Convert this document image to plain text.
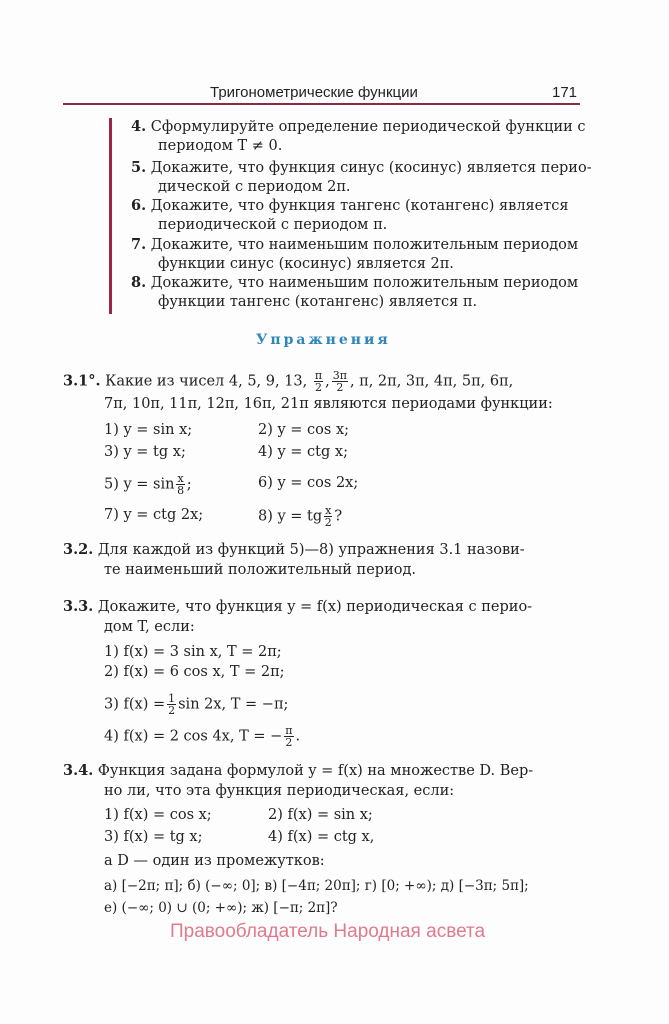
Тригонометрические функции	171
4. Сформулируйте определение периодической функции с
периодом T ≠ 0.
5. Докажите, что функция синус (косинус) является перио-
дической с периодом 2π.
6. Докажите, что функция тангенс (котангенс) является
периодической с периодом π.
7. Докажите, что наименьшим положительным периодом
функции синус (косинус) является 2π.
8. Докажите, что наименьшим положительным периодом
функции тангенс (котангенс) является π.
Упражнения
3.1°. Какие из чисел 4, 5, 9, 13, $\frac{\pi}{2}$ , $\frac{3\pi}{2}$ , π, 2π, 3π, 4π, 5π, 6π,
7π, 10π, 11π, 12π, 16π, 21π являются периодами функции:
1) y = sin x;	2) y = cos x;
3) y = tg x;	4) y = ctg x;
5) $y = \sin \frac{x}{8}$ ;	6) y = cos 2x;
7) y = ctg 2x;	8) y = tg $\frac{x}{2}$ ?
3.2. Для каждой из функций 5)—8) упражнения 3.1 назови-
те наименьший положительный период.
3.3. Докажите, что функция y = f(x) периодическая с перио-
дом T, если:
1) f(x) = 3 sin x, T = 2π;
2) f(x) = 6 cos x, T = 2π;
3) $f(x) = \frac{1}{2}$ sin 2x, T = −π;
4) f(x) = 2 cos 4x, T = − $\frac{\pi}{2}$ .
3.4. Функция задана формулой y = f(x) на множестве D. Вер-
но ли, что эта функция периодическая, если:
1) f(x) = cos x;	2) f(x) = sin x;
3) f(x) = tg x;	4) f(x) = ctg x,
а D — один из промежутков:
а) [−2π; π]; б) (−∞; 0]; в) [−4π; 20π]; г) [0; +∞); д) [−3π; 5π];
е) (−∞; 0) ∪ (0; +∞); ж) [−π; 2π]?
Правообладатель Народная асвета
